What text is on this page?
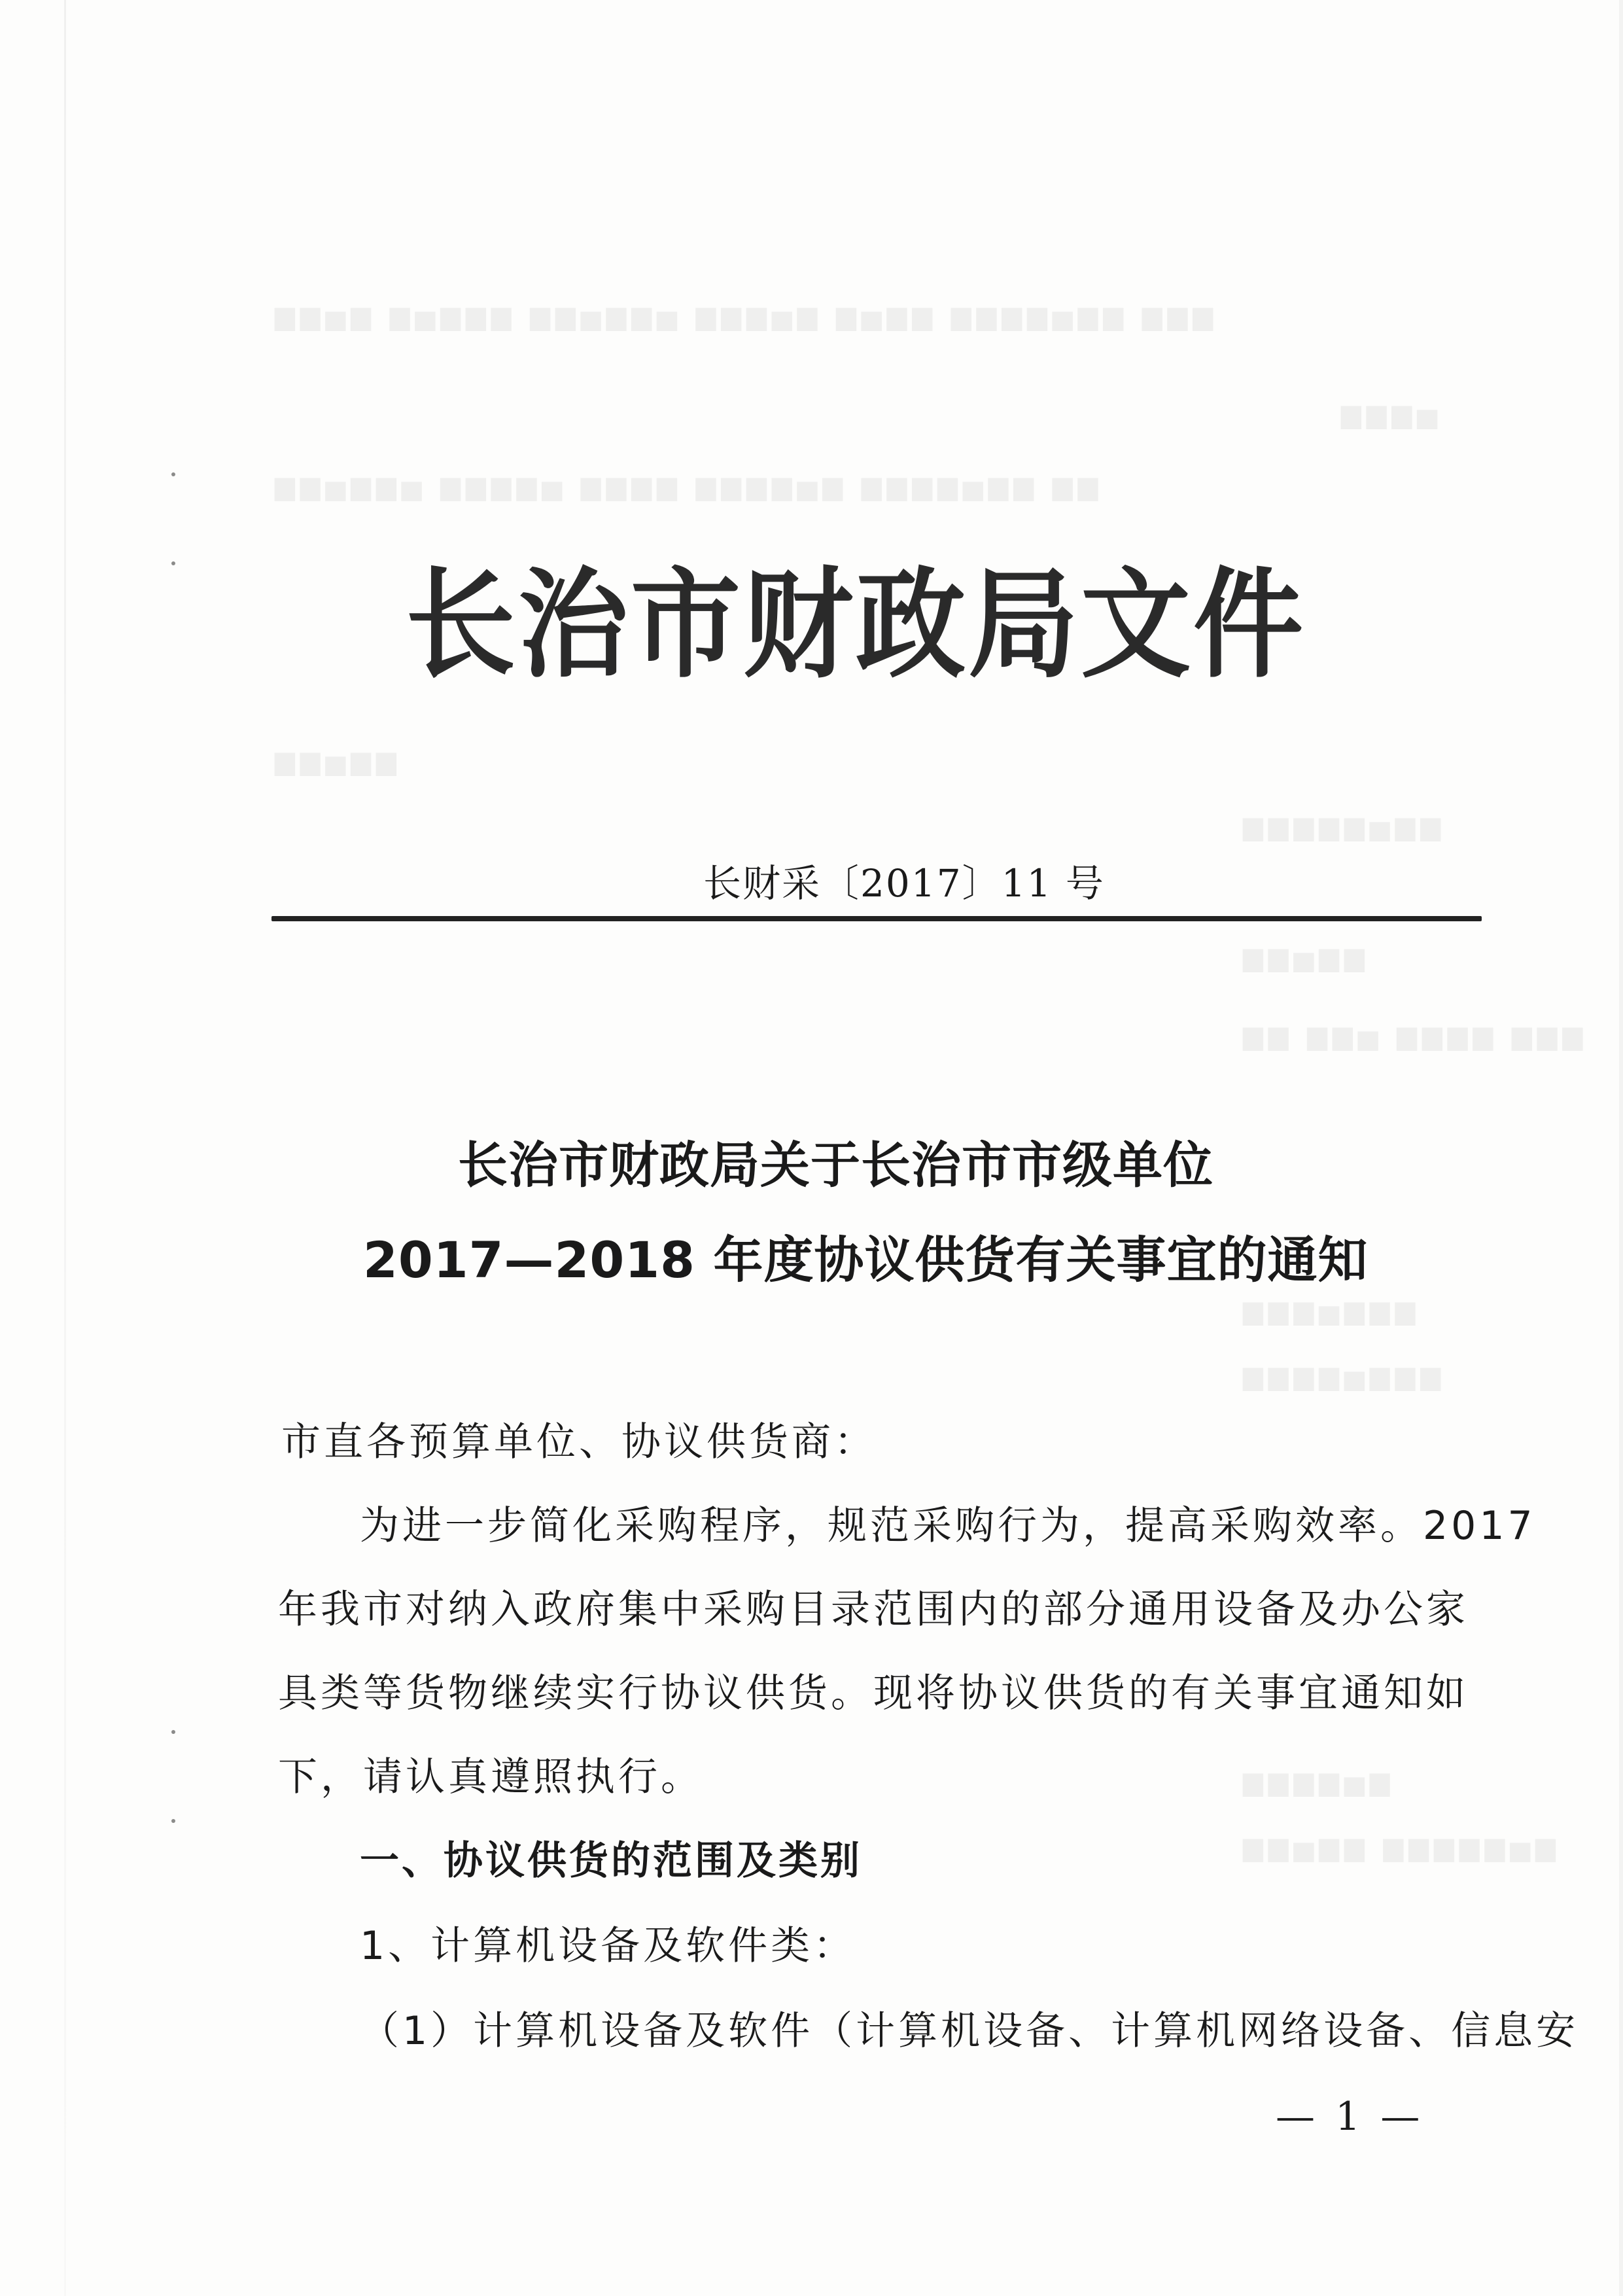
▆▆▅▆ ▆▅▆▆▆ ▆▆▅▆▆▅ ▆▆▆▅▆ ▆▅▆▆ ▆▆▆▆▅▆▆ ▆▆▆
▆▆▆▅
▆▆▅▆▆▅ ▆▆▆▆▅ ▆▆▆▆ ▆▆▆▆▅▆ ▆▆▆▆▅▆▆ ▆▆
▆▆▅▆▆
▆▆▆▆▆▅▆▆
▆▆▅▆▆
▆▆ ▆▆▅ ▆▆▆▆ ▆▆▆
▆▆▆▅▆▆▆
▆▆▆▆▅▆▆▆
▆▆▆▆▅▆
▆▆▅▆▆ ▆▆▆▆▆▅▆
长治市财政局文件
长财采〔2017〕11 号
长治市财政局关于长治市市级单位
2017—2018 年度协议供货有关事宜的通知
市直各预算单位、协议供货商：
为进一步简化采购程序，规范采购行为，提高采购效率。2017
年我市对纳入政府集中采购目录范围内的部分通用设备及办公家
具类等货物继续实行协议供货。现将协议供货的有关事宜通知如
下，请认真遵照执行。
一、协议供货的范围及类别
1、计算机设备及软件类：
（1）计算机设备及软件（计算机设备、计算机网络设备、信息安
— 1 —
